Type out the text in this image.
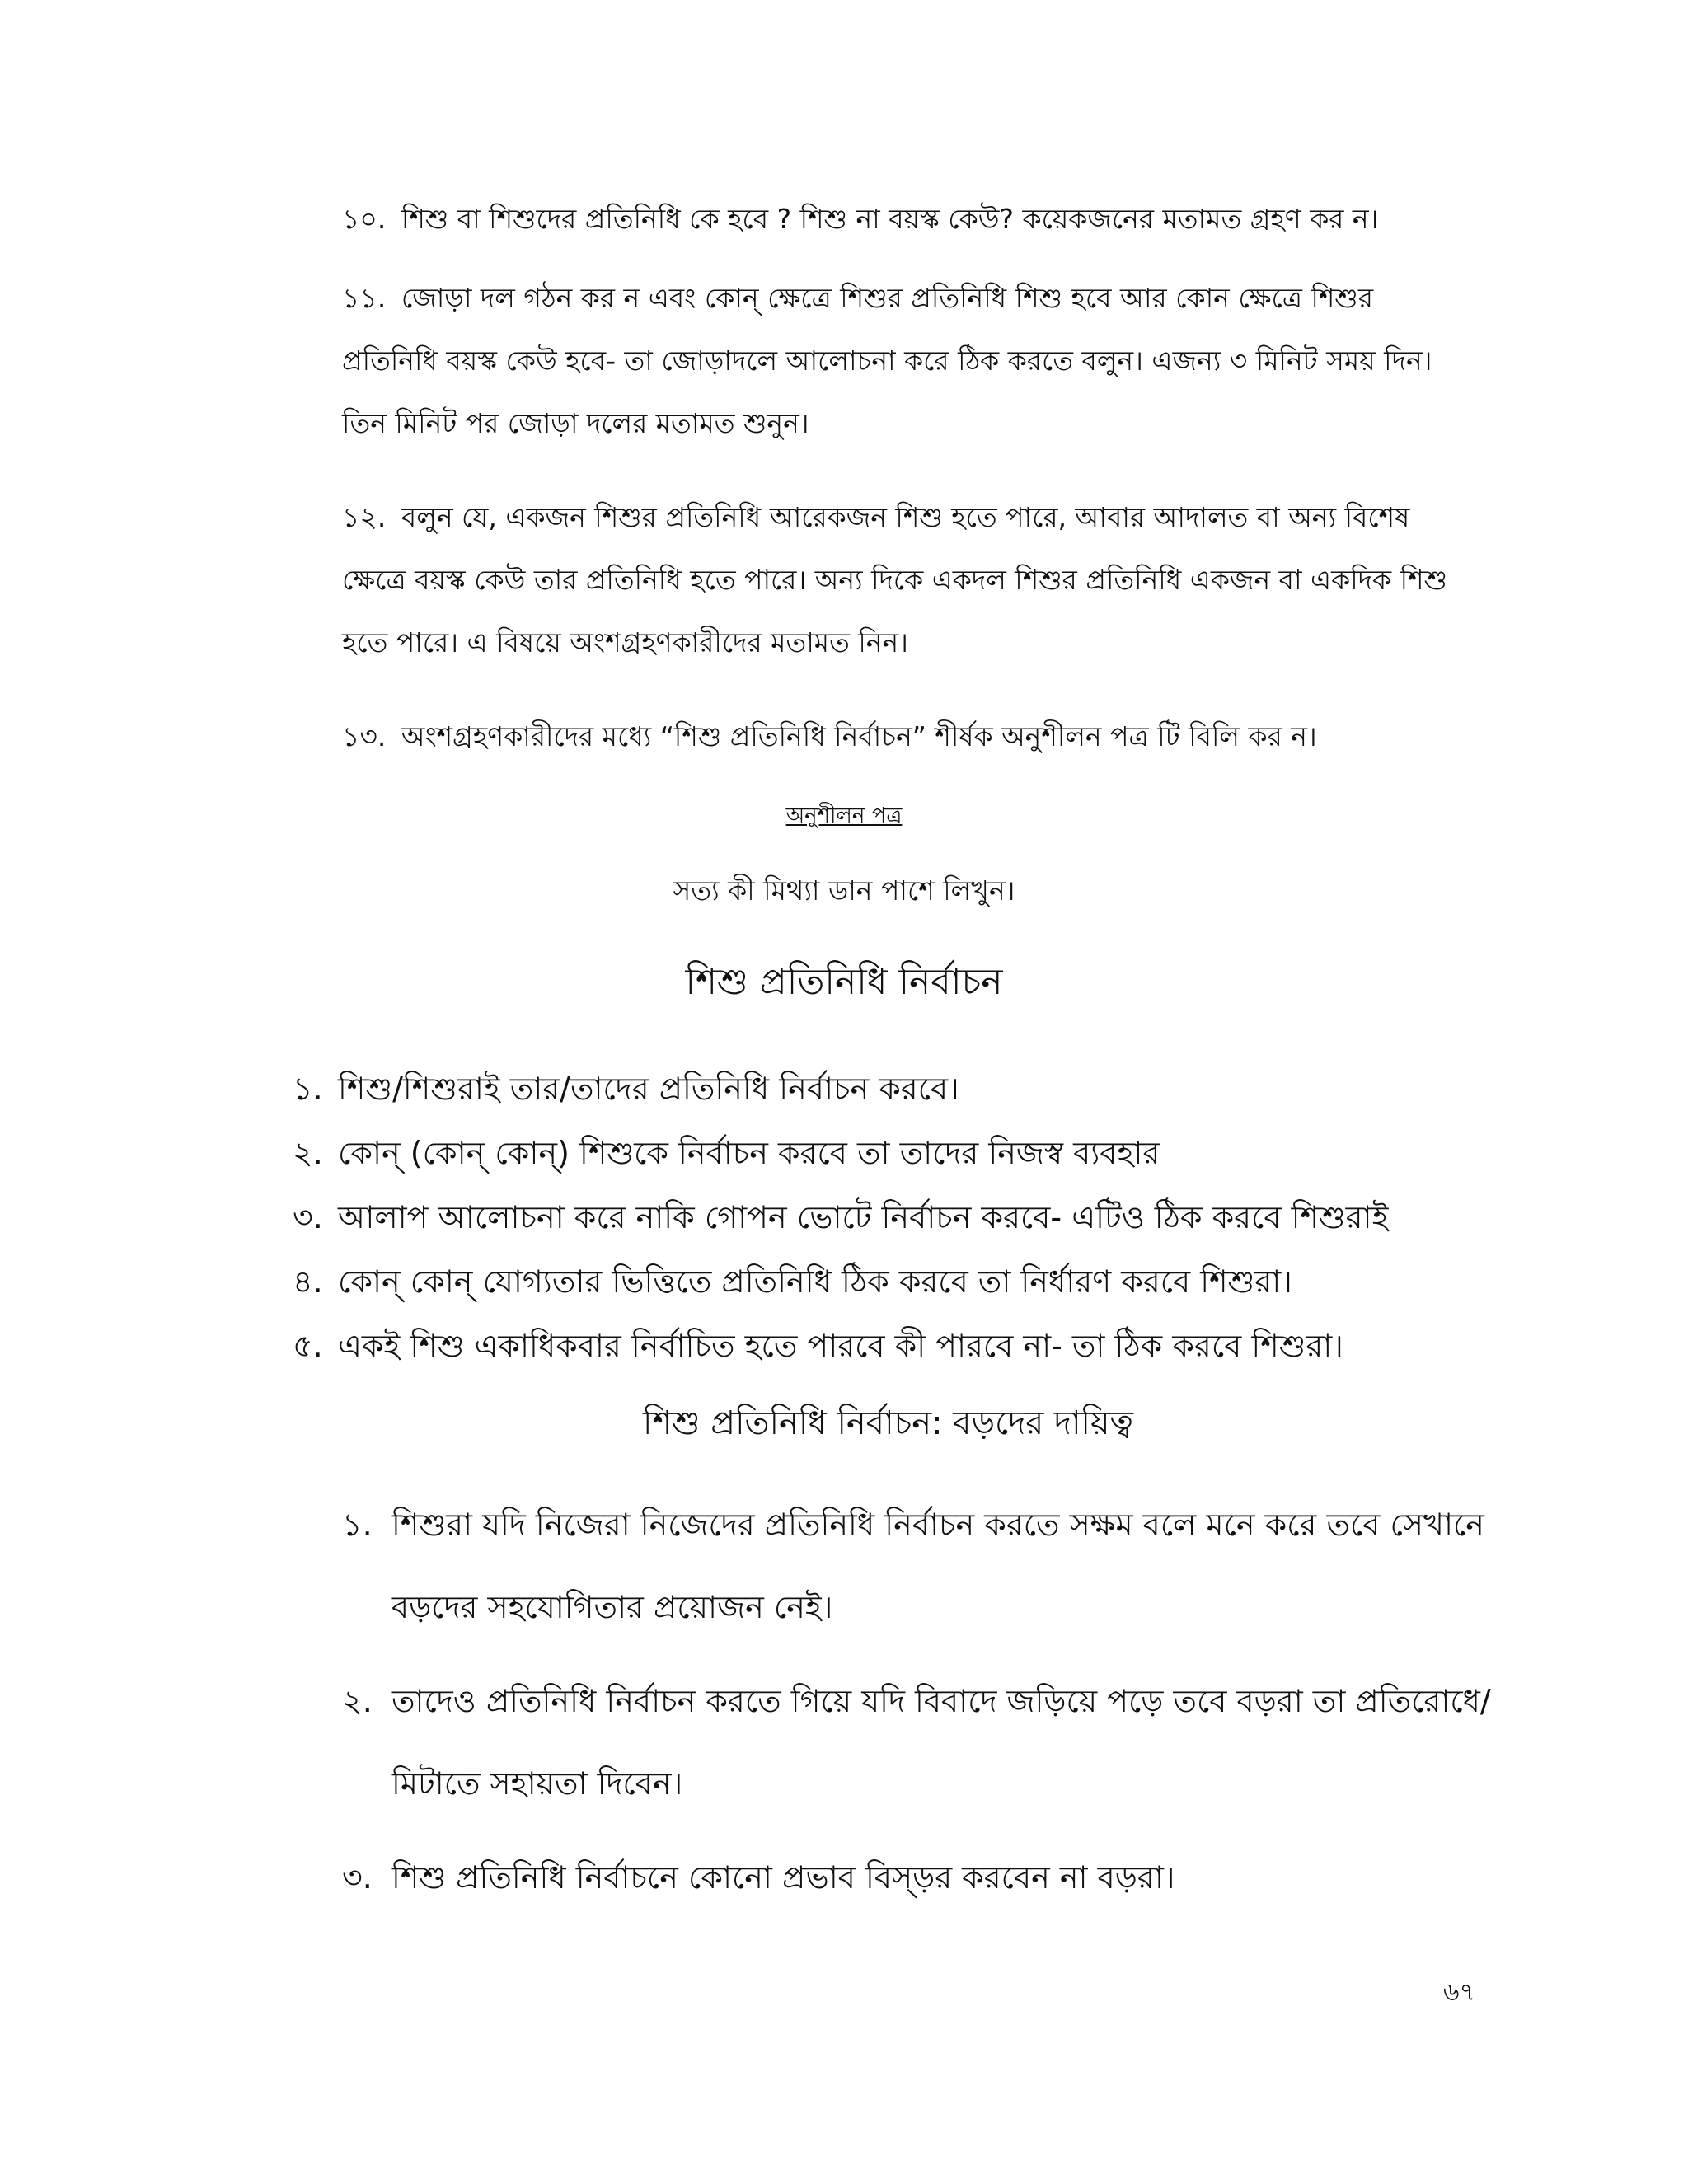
১০. শিশু বা শিশুদের প্রতিনিধি কে হবে ? শিশু না বয়স্ক কেউ? কয়েকজনের মতামত গ্রহণ কর ন।

১১. জোড়া দল গঠন কর ন এবং কোন্ ক্ষেত্রে শিশুর প্রতিনিধি শিশু হবে আর কোন ক্ষেত্রে শিশুর প্রতিনিধি বয়স্ক কেউ হবে- তা জোড়াদলে আলোচনা করে ঠিক করতে বলুন। এজন্য ৩ মিনিট সময় দিন। তিন মিনিট পর জোড়া দলের মতামত শুনুন।

১২. বলুন যে, একজন শিশুর প্রতিনিধি আরেকজন শিশু হতে পারে, আবার আদালত বা অন্য বিশেষ ক্ষেত্রে বয়স্ক কেউ তার প্রতিনিধি হতে পারে। অন্য দিকে একদল শিশুর প্রতিনিধি একজন বা একদিক শিশু হতে পারে। এ বিষয়ে অংশগ্রহণকারীদের মতামত নিন।

১৩. অংশগ্রহণকারীদের মধ্যে “শিশু প্রতিনিধি নির্বাচন” শীর্ষক অনুশীলন পত্র টি বিলি কর ন।

অনুশীলন পত্র

সত্য কী মিথ্যা ডান পাশে লিখুন।

শিশু প্রতিনিধি নির্বাচন

১. শিশু/শিশুরাই তার/তাদের প্রতিনিধি নির্বাচন করবে।
২. কোন্ (কোন্ কোন্) শিশুকে নির্বাচন করবে তা তাদের নিজস্ব ব্যবহার
৩. আলাপ আলোচনা করে নাকি গোপন ভোটে নির্বাচন করবে- এটিও ঠিক করবে শিশুরাই
৪. কোন্ কোন্ যোগ্যতার ভিত্তিতে প্রতিনিধি ঠিক করবে তা নির্ধারণ করবে শিশুরা।
৫. একই শিশু একাধিকবার নির্বাচিত হতে পারবে কী পারবে না- তা ঠিক করবে শিশুরা।

শিশু প্রতিনিধি নির্বাচন: বড়দের দায়িত্ব

১. শিশুরা যদি নিজেরা নিজেদের প্রতিনিধি নির্বাচন করতে সক্ষম বলে মনে করে তবে সেখানে বড়দের সহযোগিতার প্রয়োজন নেই।
২. তাদেও প্রতিনিধি নির্বাচন করতে গিয়ে যদি বিবাদে জড়িয়ে পড়ে তবে বড়রা তা প্রতিরোধে/মিটাতে সহায়তা দিবেন।
৩. শিশু প্রতিনিধি নির্বাচনে কোনো প্রভাব বিস্ড়র করবেন না বড়রা।

৬৭
